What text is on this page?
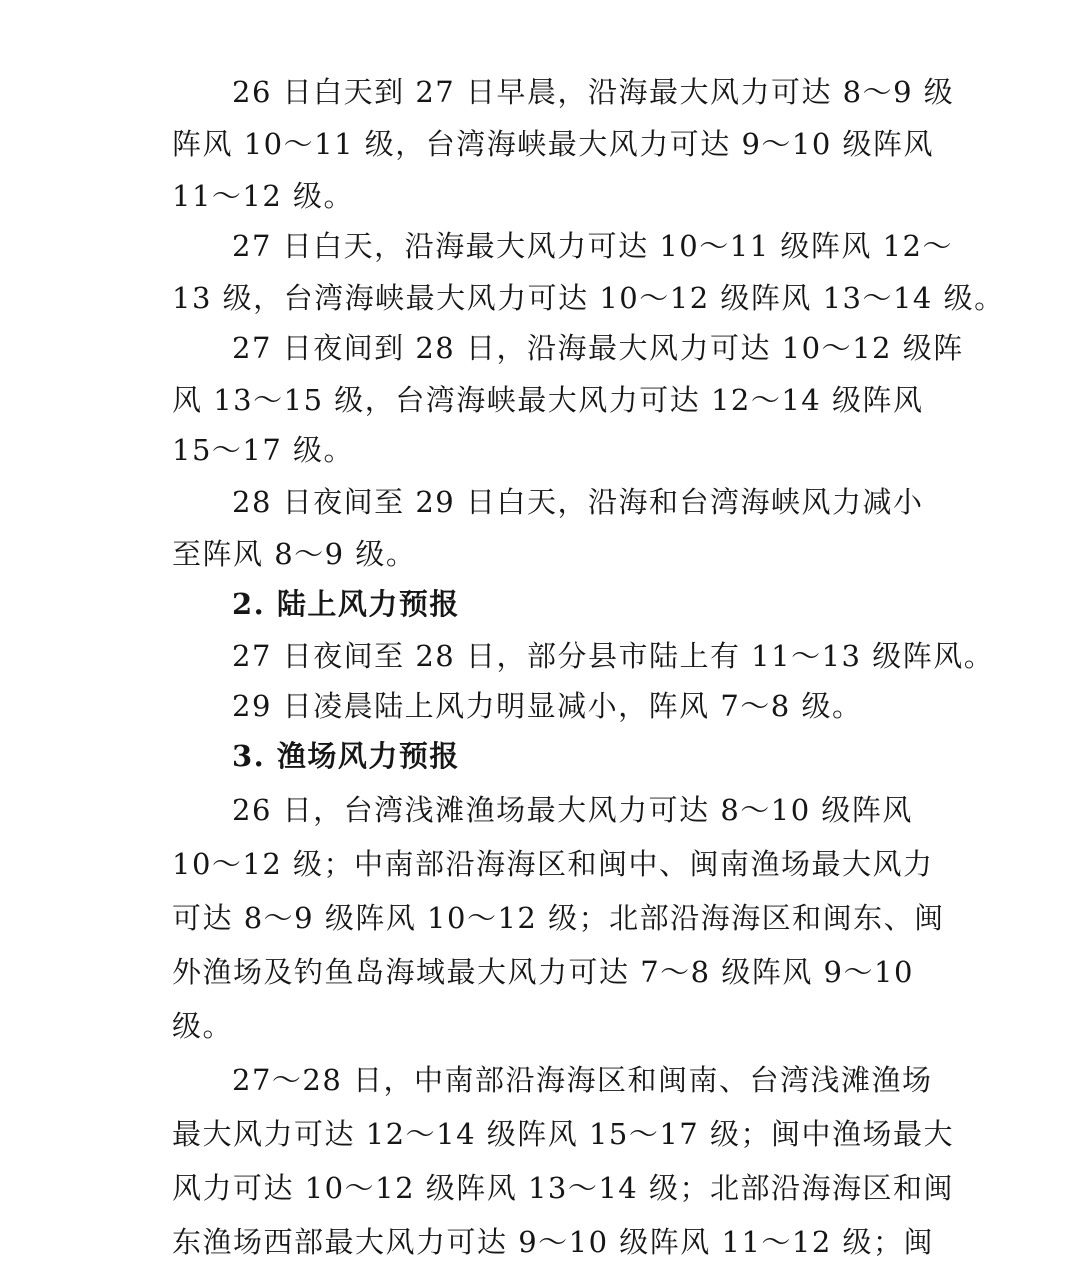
26 日白天到 27 日早晨，沿海最大风力可达 8～9 级

阵风 10～11 级，台湾海峡最大风力可达 9～10 级阵风

11～12 级。

27 日白天，沿海最大风力可达 10～11 级阵风 12～

13 级，台湾海峡最大风力可达 10～12 级阵风 13～14 级。

27 日夜间到 28 日，沿海最大风力可达 10～12 级阵

风 13～15 级，台湾海峡最大风力可达 12～14 级阵风

15～17 级。

28 日夜间至 29 日白天，沿海和台湾海峡风力减小

至阵风 8～9 级。

2. 陆上风力预报

27 日夜间至 28 日，部分县市陆上有 11～13 级阵风。

29 日凌晨陆上风力明显减小，阵风 7～8 级。

3. 渔场风力预报

26 日，台湾浅滩渔场最大风力可达 8～10 级阵风

10～12 级；中南部沿海海区和闽中、闽南渔场最大风力

可达 8～9 级阵风 10～12 级；北部沿海海区和闽东、闽

外渔场及钓鱼岛海域最大风力可达 7～8 级阵风 9～10

级。

27～28 日，中南部沿海海区和闽南、台湾浅滩渔场

最大风力可达 12～14 级阵风 15～17 级；闽中渔场最大

风力可达 10～12 级阵风 13～14 级；北部沿海海区和闽

东渔场西部最大风力可达 9～10 级阵风 11～12 级；闽
